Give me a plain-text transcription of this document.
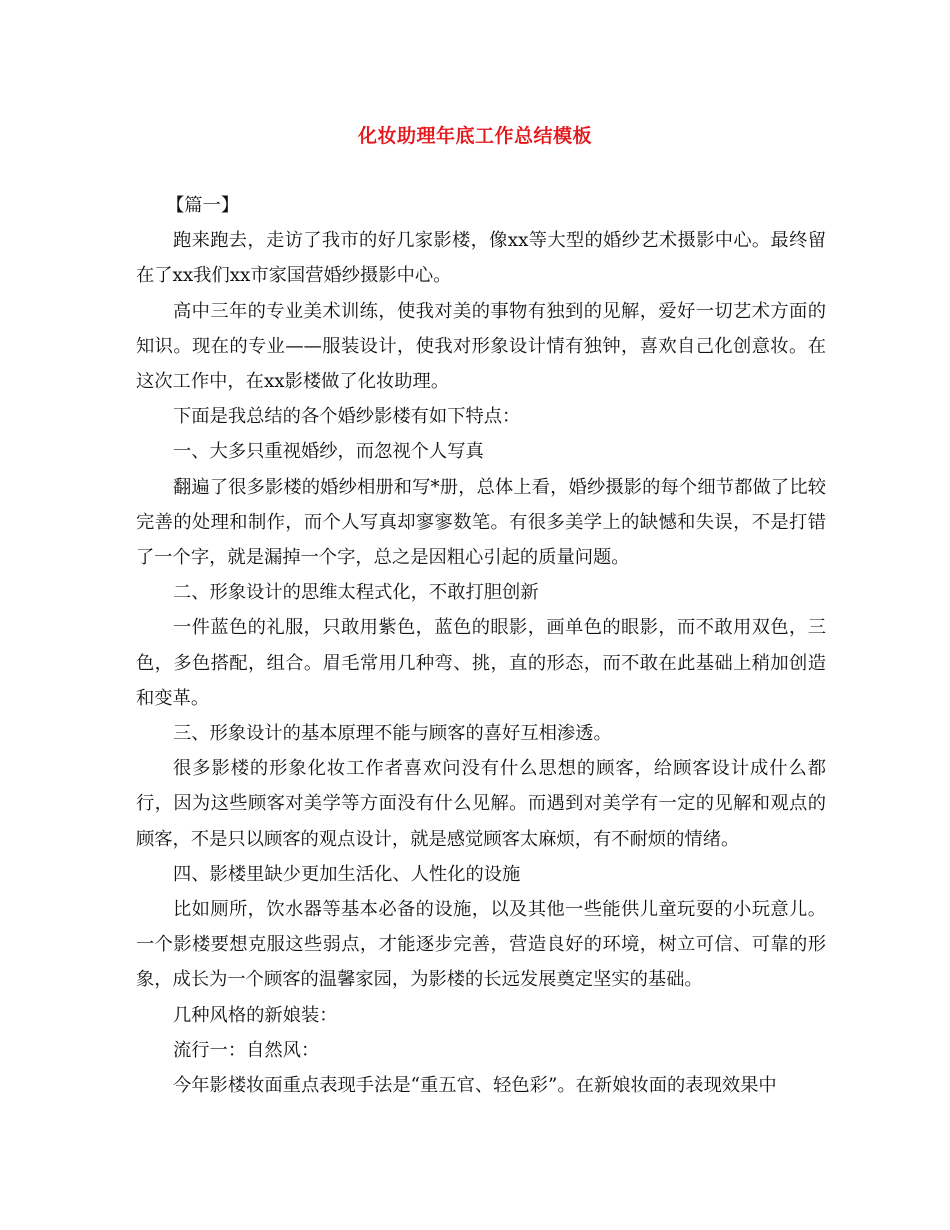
化妆助理年底工作总结模板

【篇一】

跑来跑去，走访了我市的好几家影楼，像xx等大型的婚纱艺术摄影中心。最终留在了xx我们xx市家国营婚纱摄影中心。

高中三年的专业美术训练，使我对美的事物有独到的见解，爱好一切艺术方面的知识。现在的专业——服装设计，使我对形象设计情有独钟，喜欢自己化创意妆。在这次工作中，在xx影楼做了化妆助理。

下面是我总结的各个婚纱影楼有如下特点：

一、大多只重视婚纱，而忽视个人写真

翻遍了很多影楼的婚纱相册和写*册，总体上看，婚纱摄影的每个细节都做了比较完善的处理和制作，而个人写真却寥寥数笔。有很多美学上的缺憾和失误，不是打错了一个字，就是漏掉一个字，总之是因粗心引起的质量问题。

二、形象设计的思维太程式化，不敢打胆创新

一件蓝色的礼服，只敢用紫色，蓝色的眼影，画单色的眼影，而不敢用双色，三色，多色搭配，组合。眉毛常用几种弯、挑，直的形态，而不敢在此基础上稍加创造和变革。

三、形象设计的基本原理不能与顾客的喜好互相渗透。

很多影楼的形象化妆工作者喜欢问没有什么思想的顾客，给顾客设计成什么都行，因为这些顾客对美学等方面没有什么见解。而遇到对美学有一定的见解和观点的顾客，不是只以顾客的观点设计，就是感觉顾客太麻烦，有不耐烦的情绪。

四、影楼里缺少更加生活化、人性化的设施

比如厕所，饮水器等基本必备的设施，以及其他一些能供儿童玩耍的小玩意儿。一个影楼要想克服这些弱点，才能逐步完善，营造良好的环境，树立可信、可靠的形象，成长为一个顾客的温馨家园，为影楼的长远发展奠定坚实的基础。

几种风格的新娘装：

流行一：自然风：

今年影楼妆面重点表现手法是“重五官、轻色彩”。在新娘妆面的表现效果中
